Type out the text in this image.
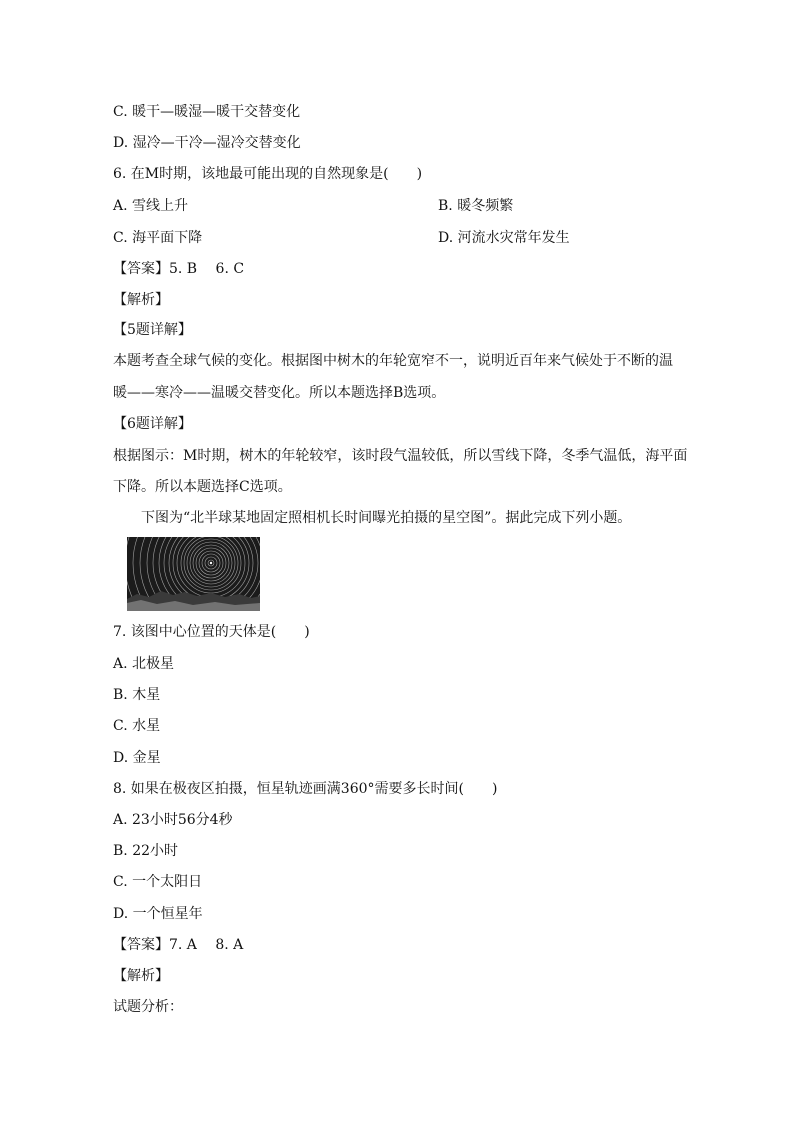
C. 暖干—暖湿—暖干交替变化
D. 湿冷—干冷—湿冷交替变化
6. 在M时期，该地最可能出现的自然现象是(　　)
A. 雪线上升	B. 暖冬频繁
C. 海平面下降	D. 河流水灾常年发生
【答案】5. B　 6. C
【解析】
【5题详解】
本题考查全球气候的变化。根据图中树木的年轮宽窄不一，说明近百年来气候处于不断的温
暖——寒冷——温暖交替变化。所以本题选择B选项。
【6题详解】
根据图示：M时期，树木的年轮较窄，该时段气温较低，所以雪线下降，冬季气温低，海平面
下降。所以本题选择C选项。
下图为“北半球某地固定照相机长时间曝光拍摄的星空图”。据此完成下列小题。
7. 该图中心位置的天体是(　　)
A. 北极星
B. 木星
C. 水星
D. 金星
8. 如果在极夜区拍摄，恒星轨迹画满360°需要多长时间(　　)
A. 23小时56分4秒
B. 22小时
C. 一个太阳日
D. 一个恒星年
【答案】7. A　 8. A
【解析】
试题分析：
